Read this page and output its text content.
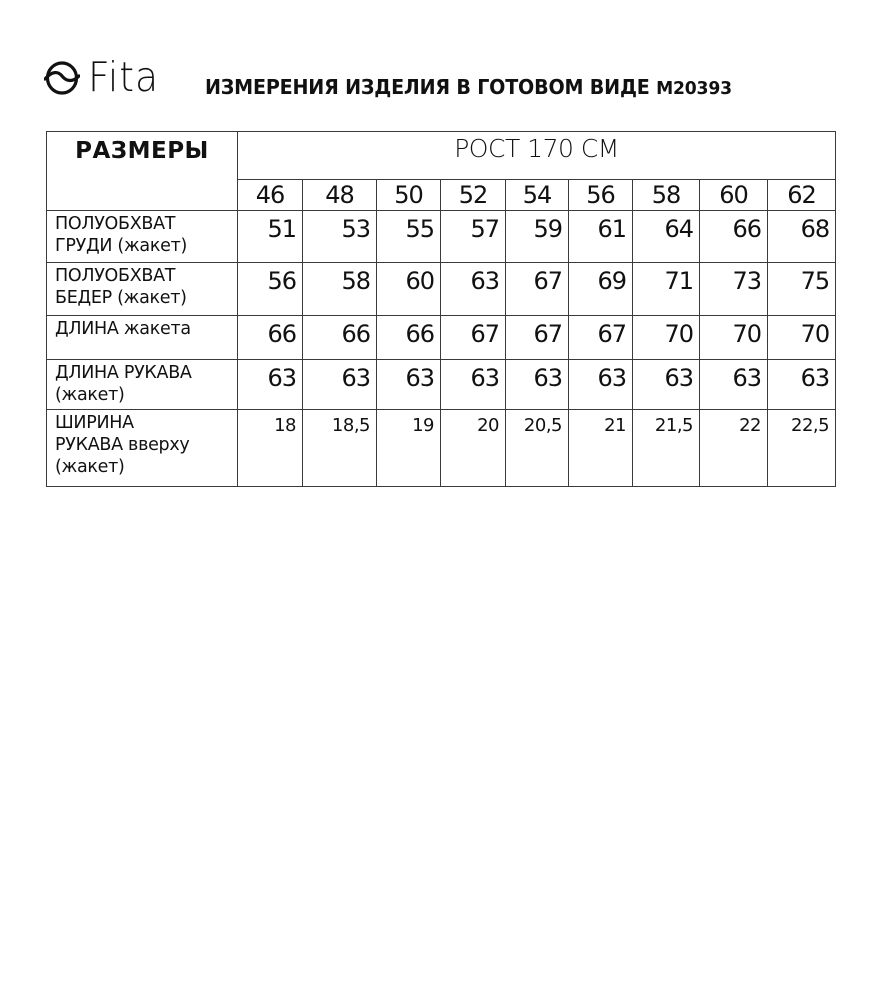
Fita ИЗМЕРЕНИЯ ИЗДЕЛИЯ В ГОТОВОМ ВИДЕ М20393
РАЗМЕРЫ	РОСТ 170 СМ								
	46	48	50	52	54	56	58	60	62

ПОЛУОБХВАТ
ГРУДИ (жакет)	51	53	55	57	59	61	64	66	68

ПОЛУОБХВАТ
БЕДЕР (жакет)	56	58	60	63	67	69	71	73	75

ДЛИНА жакета	66	66	66	67	67	67	70	70	70

ДЛИНА РУКАВА
(жакет)	63	63	63	63	63	63	63	63	63

ШИРИНА
РУКАВА вверху
(жакет)	18	18,5	19	20	20,5	21	21,5	22	22,5
